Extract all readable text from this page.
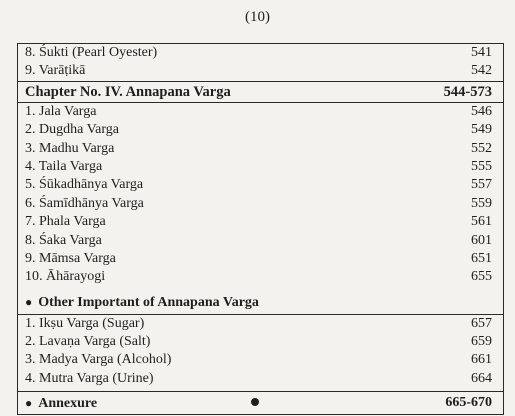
(10)
8. Śukti (Pearl Oyester)	541
9. Varāṭikā	542
Chapter No. IV. Annapana Varga	544-573
1. Jala Varga	546
2. Dugdha Varga	549
3. Madhu Varga	552
4. Taila Varga	555
5. Śūkadhānya Varga	557
6. Śamīdhānya Varga	559
7. Phala Varga	561
8. Śaka Varga	601
9. Māmsa Varga	651
10. Āhārayogi	655
● Other Important of Annapana Varga
1. Ikṣu Varga (Sugar)	657
2. Lavaṇa Varga (Salt)	659
3. Madya Varga (Alcohol)	661
4. Mutra Varga (Urine)	664
● Annexure	665-670
